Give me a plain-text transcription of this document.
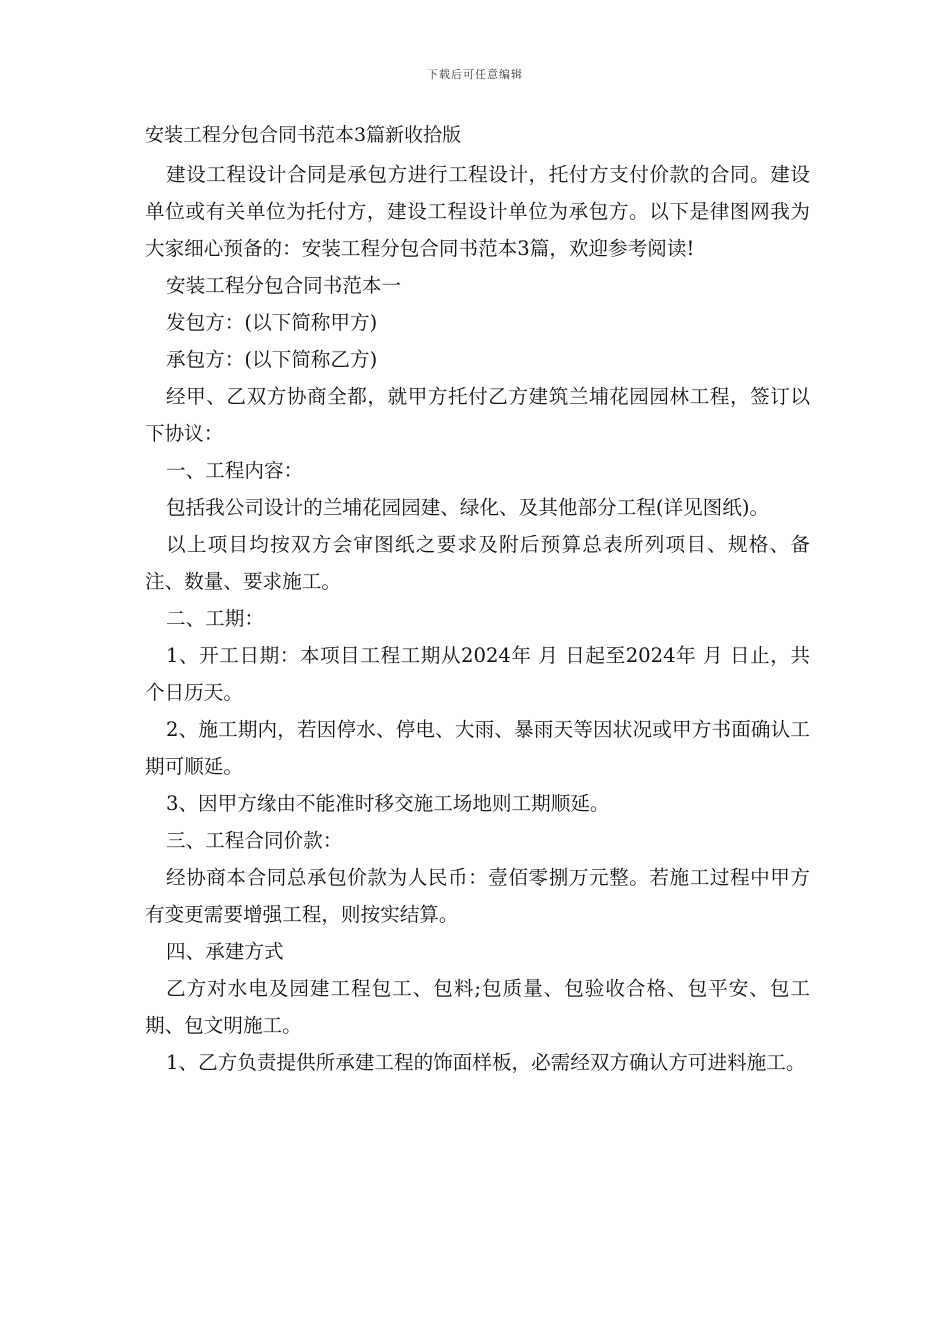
下载后可任意编辑
安装工程分包合同书范本3篇新收拾版

建设工程设计合同是承包方进行工程设计，托付方支付价款的合同。建设单位或有关单位为托付方，建设工程设计单位为承包方。以下是律图网我为大家细心预备的：安装工程分包合同书范本3篇，欢迎参考阅读!

安装工程分包合同书范本一

发包方：(以下简称甲方)

承包方：(以下简称乙方)

经甲、乙双方协商全都，就甲方托付乙方建筑兰埔花园园林工程，签订以下协议：

一、工程内容：

包括我公司设计的兰埔花园园建、绿化、及其他部分工程(详见图纸)。

以上项目均按双方会审图纸之要求及附后预算总表所列项目、规格、备注、数量、要求施工。

二、工期：

1、开工日期：本项目工程工期从2024年 月 日起至2024年 月 日止，共 个日历天。

2、施工期内，若因停水、停电、大雨、暴雨天等因状况或甲方书面确认工期可顺延。

3、因甲方缘由不能准时移交施工场地则工期顺延。

三、工程合同价款：

经协商本合同总承包价款为人民币：壹佰零捌万元整。若施工过程中甲方有变更需要增强工程，则按实结算。

四、承建方式

乙方对水电及园建工程包工、包料;包质量、包验收合格、包平安、包工期、包文明施工。

1、乙方负责提供所承建工程的饰面样板，必需经双方确认方可进料施工。
